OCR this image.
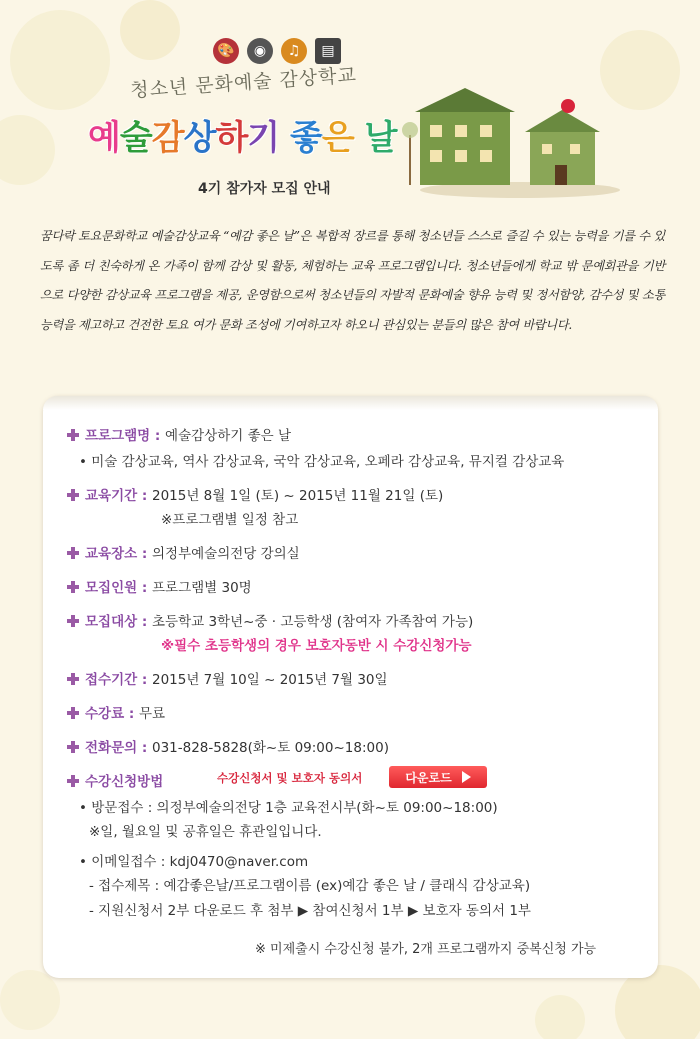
🎨	◉	♫	▤
청소년 문화예술 감상학교
예술감상하기 좋은 날
4기 참가자 모집 안내
꿈다락 토요문화학교 예술감상교육 “예감 좋은 날”은 복합적 장르를 통해 청소년들 스스로 즐길 수 있는 능력을 기를 수 있도록 좀 더 친숙하게 온 가족이 함께 감상 및 활동, 체험하는 교육 프로그램입니다. 청소년들에게 학교 밖 문예회관을 기반으로 다양한 감상교육 프로그램을 제공, 운영함으로써 청소년들의 자발적 문화예술 향유 능력 및 정서함양, 감수성 및 소통능력을 제고하고 건전한 토요 여가 문화 조성에 기여하고자 하오니 관심있는 분들의 많은 참여 바랍니다.
프로그램명 : 예술감상하기 좋은 날
• 미술 감상교육, 역사 감상교육, 국악 감상교육, 오페라 감상교육, 뮤지컬 감상교육
교육기간 : 2015년 8월 1일 (토) ~ 2015년 11월 21일 (토)
※프로그램별 일정 참고
교육장소 : 의정부예술의전당 강의실
모집인원 : 프로그램별 30명
모집대상 : 초등학교 3학년~중 · 고등학생 (참여자 가족참여 가능)
※필수 초등학생의 경우 보호자동반 시 수강신청가능
접수기간 : 2015년 7월 10일 ~ 2015년 7월 30일
수강료 : 무료
전화문의 : 031-828-5828(화~토 09:00~18:00)
수강신청방법	수강신청서 및 보호자 동의서	다운로드
• 방문접수 : 의정부예술의전당 1층 교육전시부(화~토 09:00~18:00)
※일, 월요일 및 공휴일은 휴관일입니다.
• 이메일접수 : kdj0470@naver.com
- 접수제목 : 예감좋은날/프로그램이름 (ex)예감 좋은 날 / 클래식 감상교육)
- 지원신청서 2부 다운로드 후 첨부 ▶ 참여신청서 1부 ▶ 보호자 동의서 1부
※ 미제출시 수강신청 불가, 2개 프로그램까지 중복신청 가능
